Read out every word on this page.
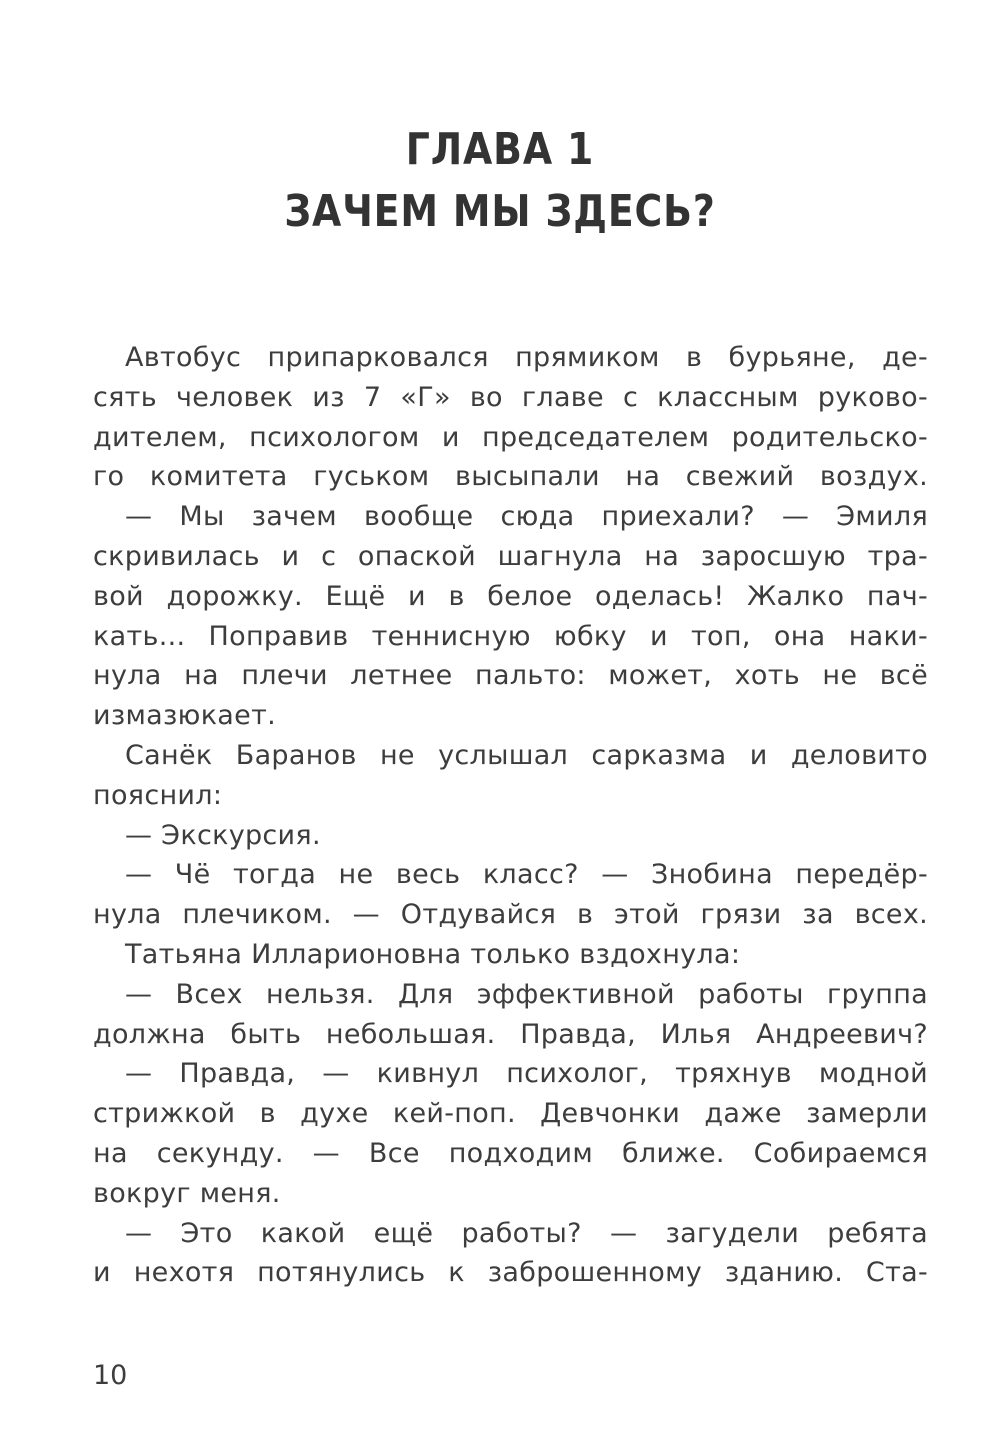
ГЛАВА 1
ЗАЧЕМ МЫ ЗДЕСЬ?
Автобус припарковался прямиком в бурьяне, де-
сять человек из 7 «Г» во главе с классным руково-
дителем, психологом и председателем родительско-
го комитета гуськом высыпали на свежий воздух.
— Мы зачем вообще сюда приехали? — Эмиля
скривилась и с опаской шагнула на заросшую тра-
вой дорожку. Ещё и в белое оделась! Жалко пач-
кать... Поправив теннисную юбку и топ, она наки-
нула на плечи летнее пальто: может, хоть не всё
измазюкает.
Санёк Баранов не услышал сарказма и деловито
пояснил:
— Экскурсия.
— Чё тогда не весь класс? — Знобина передёр-
нула плечиком. — Отдувайся в этой грязи за всех.
Татьяна Илларионовна только вздохнула:
— Всех нельзя. Для эффективной работы группа
должна быть небольшая. Правда, Илья Андреевич?
— Правда, — кивнул психолог, тряхнув модной
стрижкой в духе кей-поп. Девчонки даже замерли
на секунду. — Все подходим ближе. Собираемся
вокруг меня.
— Это какой ещё работы? — загудели ребята
и нехотя потянулись к заброшенному зданию. Ста-
10
